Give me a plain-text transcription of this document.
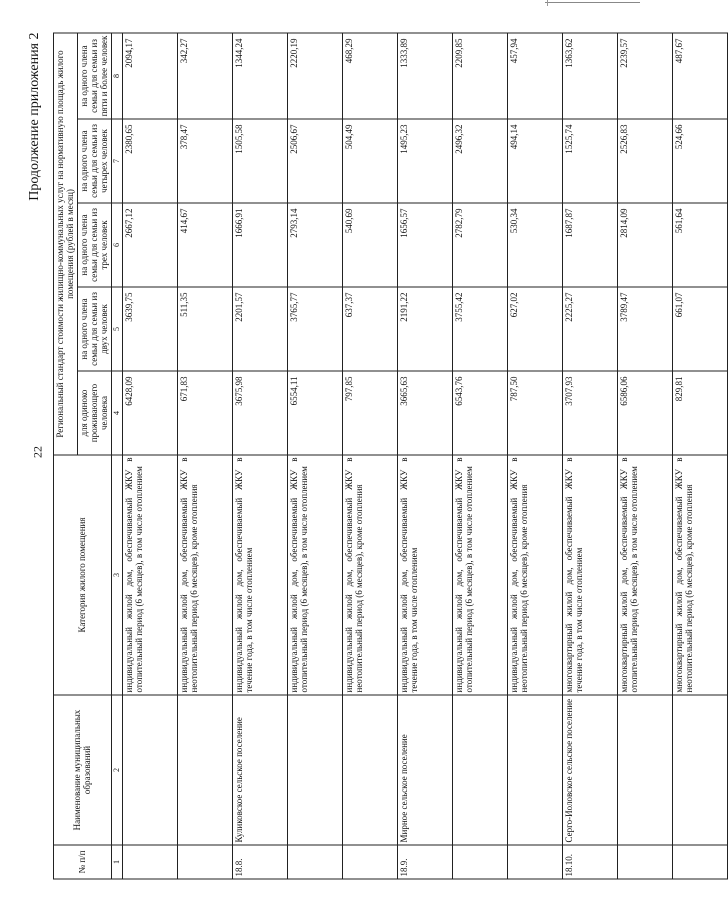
22
Продолжение приложения 2
№ п/п	Наименование муниципальных образований	Категория жилого помещения	Региональный стандарт стоимости жилищно-коммунальных услуг на нормативную площадь жилого помещения (рублей в месяц)				
			для одиноко проживающего человека	на одного члена семьи для семьи из двух человек	на одного члена семьи для семьи из трех человек	на одного члена семьи для семьи из четырех человек	на одного члена семьи для семьи из пяти и более человек
1	2	3	4	5	6	7	8
		индивидуальный жилой дом, обеспечиваемый ЖКУ в отопительный период (6 месяцев), в том числе отоплением	6428,09	3639,75	2667,12	2380,65	2094,17
		индивидуальный жилой дом, обеспечиваемый ЖКУ в неотопительный период (6 месяцев), кроме отопления	671,83	511,35	414,67	378,47	342,27
18.8.	Куликовское сельское поселение	индивидуальный жилой дом, обеспечиваемый ЖКУ в течение года, в том числе отоплением	3675,98	2201,57	1666,91	1505,58	1344,24
		индивидуальный жилой дом, обеспечиваемый ЖКУ в отопительный период (6 месяцев), в том числе отоплением	6554,11	3765,77	2793,14	2506,67	2220,19
		индивидуальный жилой дом, обеспечиваемый ЖКУ в неотопительный период (6 месяцев), кроме отопления	797,85	637,37	540,69	504,49	468,29
18.9.	Мирное сельское поселение	индивидуальный жилой дом, обеспечиваемый ЖКУ в течение года, в том числе отоплением	3665,63	2191,22	1656,57	1495,23	1333,89
		индивидуальный жилой дом, обеспечиваемый ЖКУ в отопительный период (6 месяцев), в том числе отоплением	6543,76	3755,42	2782,79	2496,32	2209,85
		индивидуальный жилой дом, обеспечиваемый ЖКУ в неотопительный период (6 месяцев), кроме отопления	787,50	627,02	530,34	494,14	457,94
18.10.	Серго-Иоловское сельское поселение	многоквартирный жилой дом, обеспечиваемый ЖКУ в течение года, в том числе отоплением	3707,93	2225,27	1687,87	1525,74	1363,62
		многоквартирный жилой дом, обеспечиваемый ЖКУ в отопительный период (6 месяцев), в том числе отоплением	6586,06	3789,47	2814,09	2526,83	2239,57
		многоквартирный жилой дом, обеспечиваемый ЖКУ в неотопительный период (6 месяцев), кроме отопления	829,81	661,07	561,64	524,66	487,67
